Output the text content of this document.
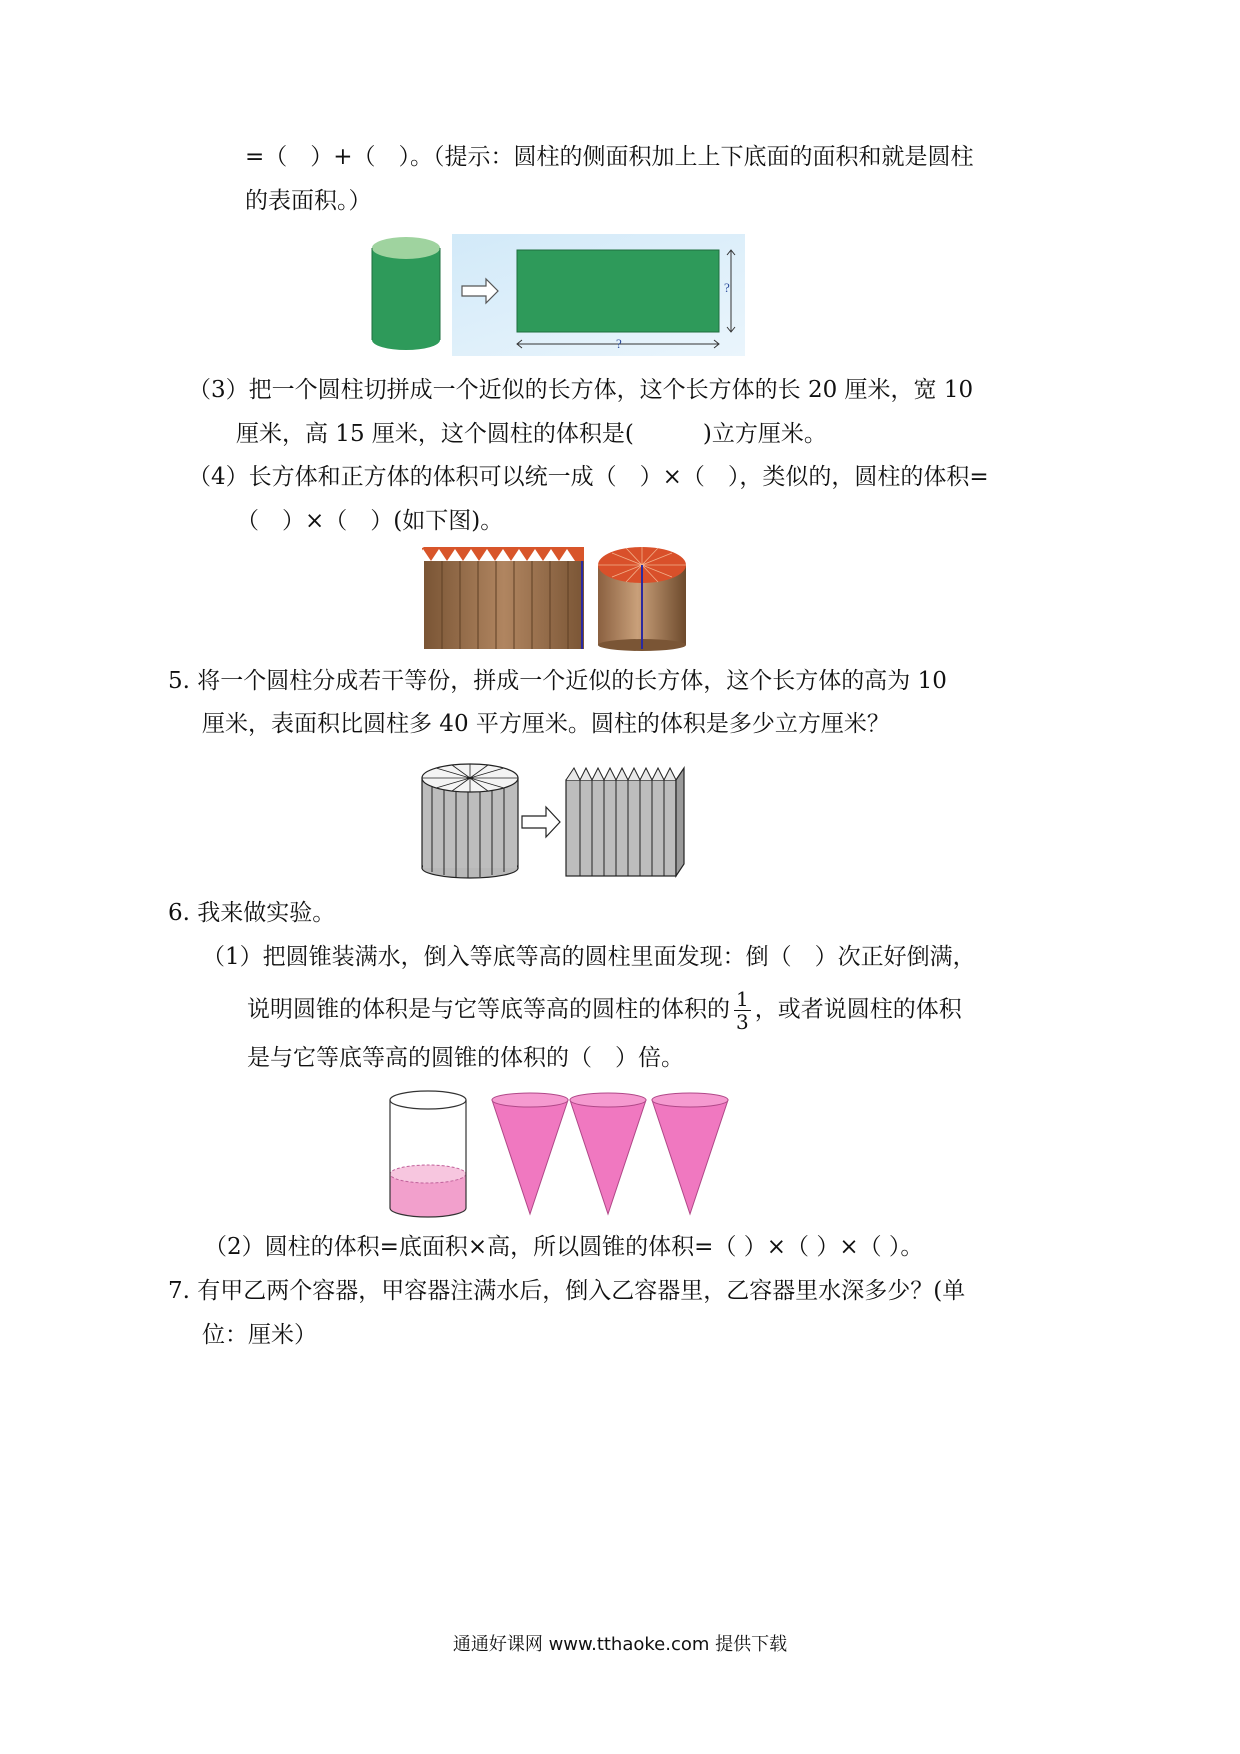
=（　）+（　）。（提示：圆柱的侧面积加上上下底面的面积和就是圆柱
的表面积。）
?
?
（3）把一个圆柱切拼成一个近似的长方体，这个长方体的长 20 厘米，宽 10
厘米，高 15 厘米，这个圆柱的体积是(　　　)立方厘米。
（4）长方体和正方体的体积可以统一成（　）×（　），类似的，圆柱的体积=
（　）×（　）(如下图)。
5. 将一个圆柱分成若干等份，拼成一个近似的长方体，这个长方体的高为 10
厘米，表面积比圆柱多 40 平方厘米。圆柱的体积是多少立方厘米？
6. 我来做实验。
（1）把圆锥装满水，倒入等底等高的圆柱里面发现：倒（　）次正好倒满，
说明圆锥的体积是与它等底等高的圆柱的体积的 $\frac{1}{3}$ ，或者说圆柱的体积
是与它等底等高的圆锥的体积的（　）倍。
（2）圆柱的体积=底面积×高，所以圆锥的体积=（ ）×（ ）×（ ）。
7. 有甲乙两个容器，甲容器注满水后，倒入乙容器里，乙容器里水深多少？(单
位：厘米）
通通好课网 www.tthaoke.com 提供下载
